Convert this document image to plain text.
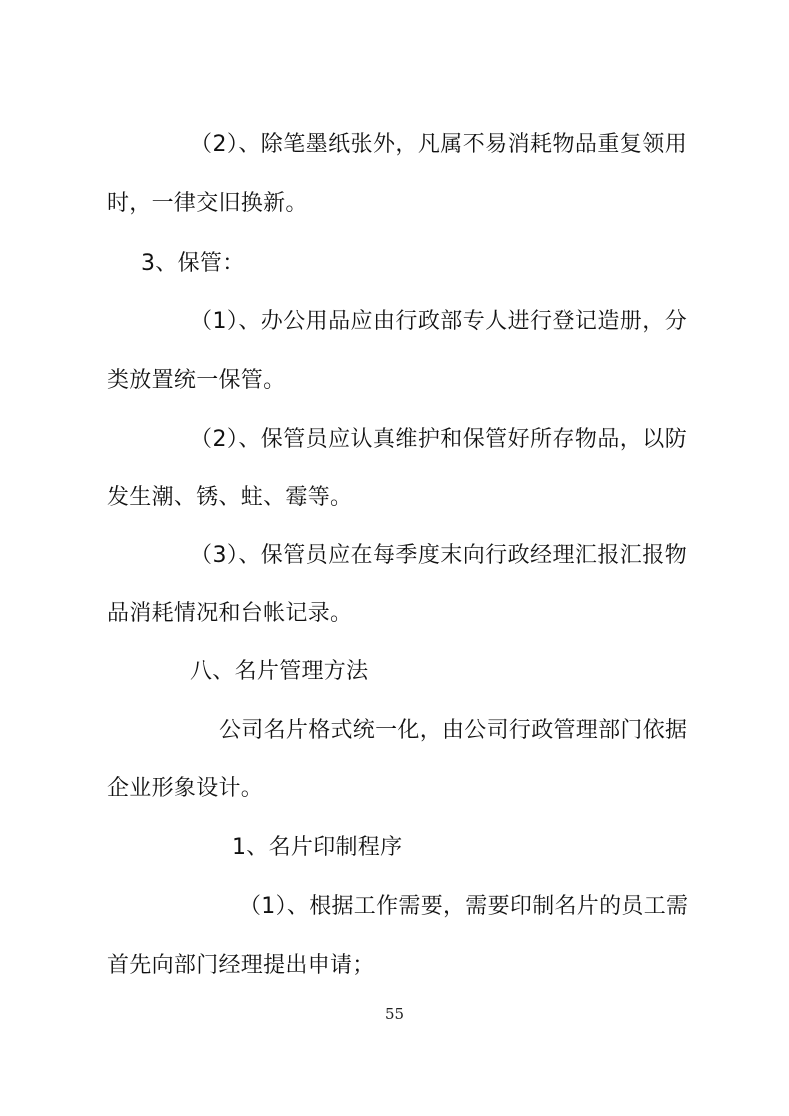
（2）、除笔墨纸张外，凡属不易消耗物品重复领用
时，一律交旧换新。
3、保管：
（1）、办公用品应由行政部专人进行登记造册，分
类放置统一保管。
（2）、保管员应认真维护和保管好所存物品，以防
发生潮、锈、蛀、霉等。
（3）、保管员应在每季度末向行政经理汇报汇报物
品消耗情况和台帐记录。
八、名片管理方法
公司名片格式统一化，由公司行政管理部门依据
企业形象设计。
1、名片印制程序
（1）、根据工作需要，需要印制名片的员工需
首先向部门经理提出申请；
55
